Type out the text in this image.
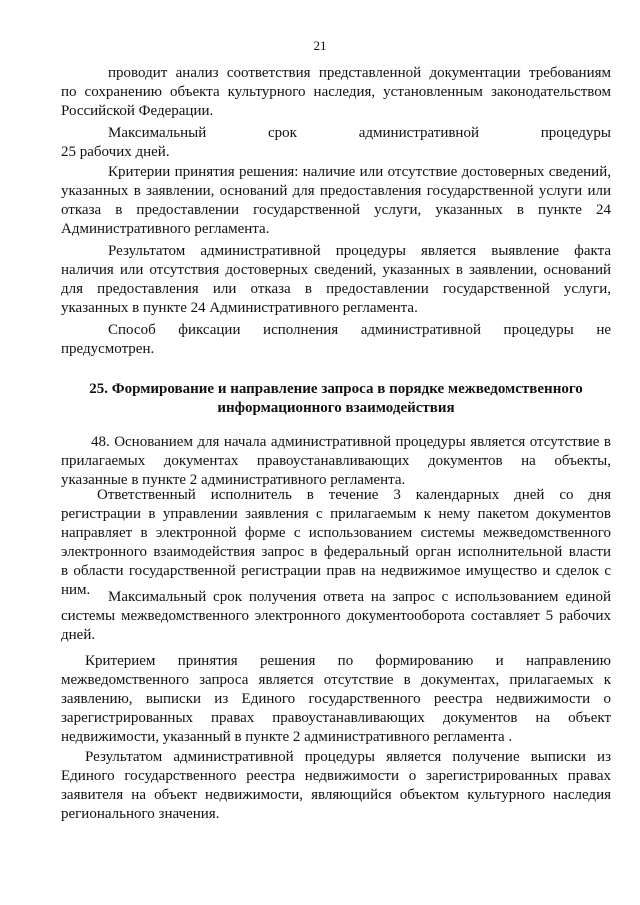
21

проводит анализ соответствия представленной документации требованиям
по сохранению объекта культурного наследия, установленным законодательством
Российской Федерации.

Максимальный срок административной процедуры
25 рабочих дней.

Критерии принятия решения: наличие или отсутствие достоверных сведений,
указанных в заявлении, оснований для предоставления государственной услуги или
отказа в предоставлении государственной услуги, указанных в пункте 24
Административного регламента.

Результатом административной процедуры является выявление факта
наличия или отсутствия достоверных сведений, указанных в заявлении, оснований
для предоставления или отказа в предоставлении государственной услуги,
указанных в пункте 24 Административного регламента.

Способ фиксации исполнения административной процедуры не
предусмотрен.

25. Формирование и направление запроса в порядке межведомственного
информационного взаимодействия

48. Основанием для начала административной процедуры является отсутствие в
прилагаемых документах правоустанавливающих документов на объекты,
указанные в пункте 2 административного регламента.

Ответственный исполнитель в течение 3 календарных дней со дня
регистрации в управлении заявления с прилагаемым к нему пакетом документов
направляет в электронной форме с использованием системы межведомственного
электронного взаимодействия запрос в федеральный орган исполнительной власти
в области государственной регистрации прав на недвижимое имущество и сделок с
ним.	Максимальный срок получения ответа на запрос с использованием единой
системы межведомственного электронного документооборота составляет 5 рабочих
дней.

Критерием принятия решения по формированию и направлению
межведомственного запроса является отсутствие в документах, прилагаемых к
заявлению, выписки из Единого государственного реестра недвижимости о
зарегистрированных правах правоустанавливающих документов на объект
недвижимости, указанный в пункте 2 административного регламента .

Результатом административной процедуры является получение выписки из
Единого государственного реестра недвижимости о зарегистрированных правах
заявителя на объект недвижимости, являющийся объектом культурного наследия
регионального значения.
